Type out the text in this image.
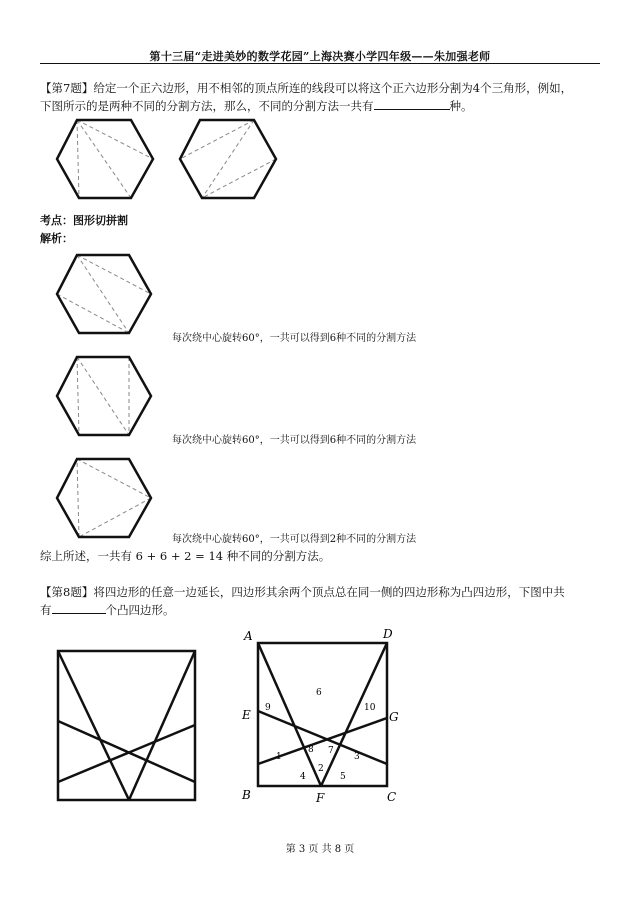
第十三届“走进美妙的数学花园”上海决赛小学四年级——朱加强老师
【第7题】给定一个正六边形，用不相邻的顶点所连的线段可以将这个正六边形分割为4个三角形，例如，
下图所示的是两种不同的分割方法，那么，不同的分割方法一共有	种。
考点：图形切拼割
解析：
每次绕中心旋转60°，一共可以得到6种不同的分割方法
每次绕中心旋转60°，一共可以得到6种不同的分割方法
每次绕中心旋转60°，一共可以得到2种不同的分割方法
综上所述，一共有 6 + 6 + 2 = 14 种不同的分割方法。
【第8题】将四边形的任意一边延长，四边形其余两个顶点总在同一侧的四边形称为凸四边形，下图中共
有	个凸四边形。
A	D
E	G
B	F	C
1
2
3
4	5
6
7
8
9	10
第 3 页 共 8 页
